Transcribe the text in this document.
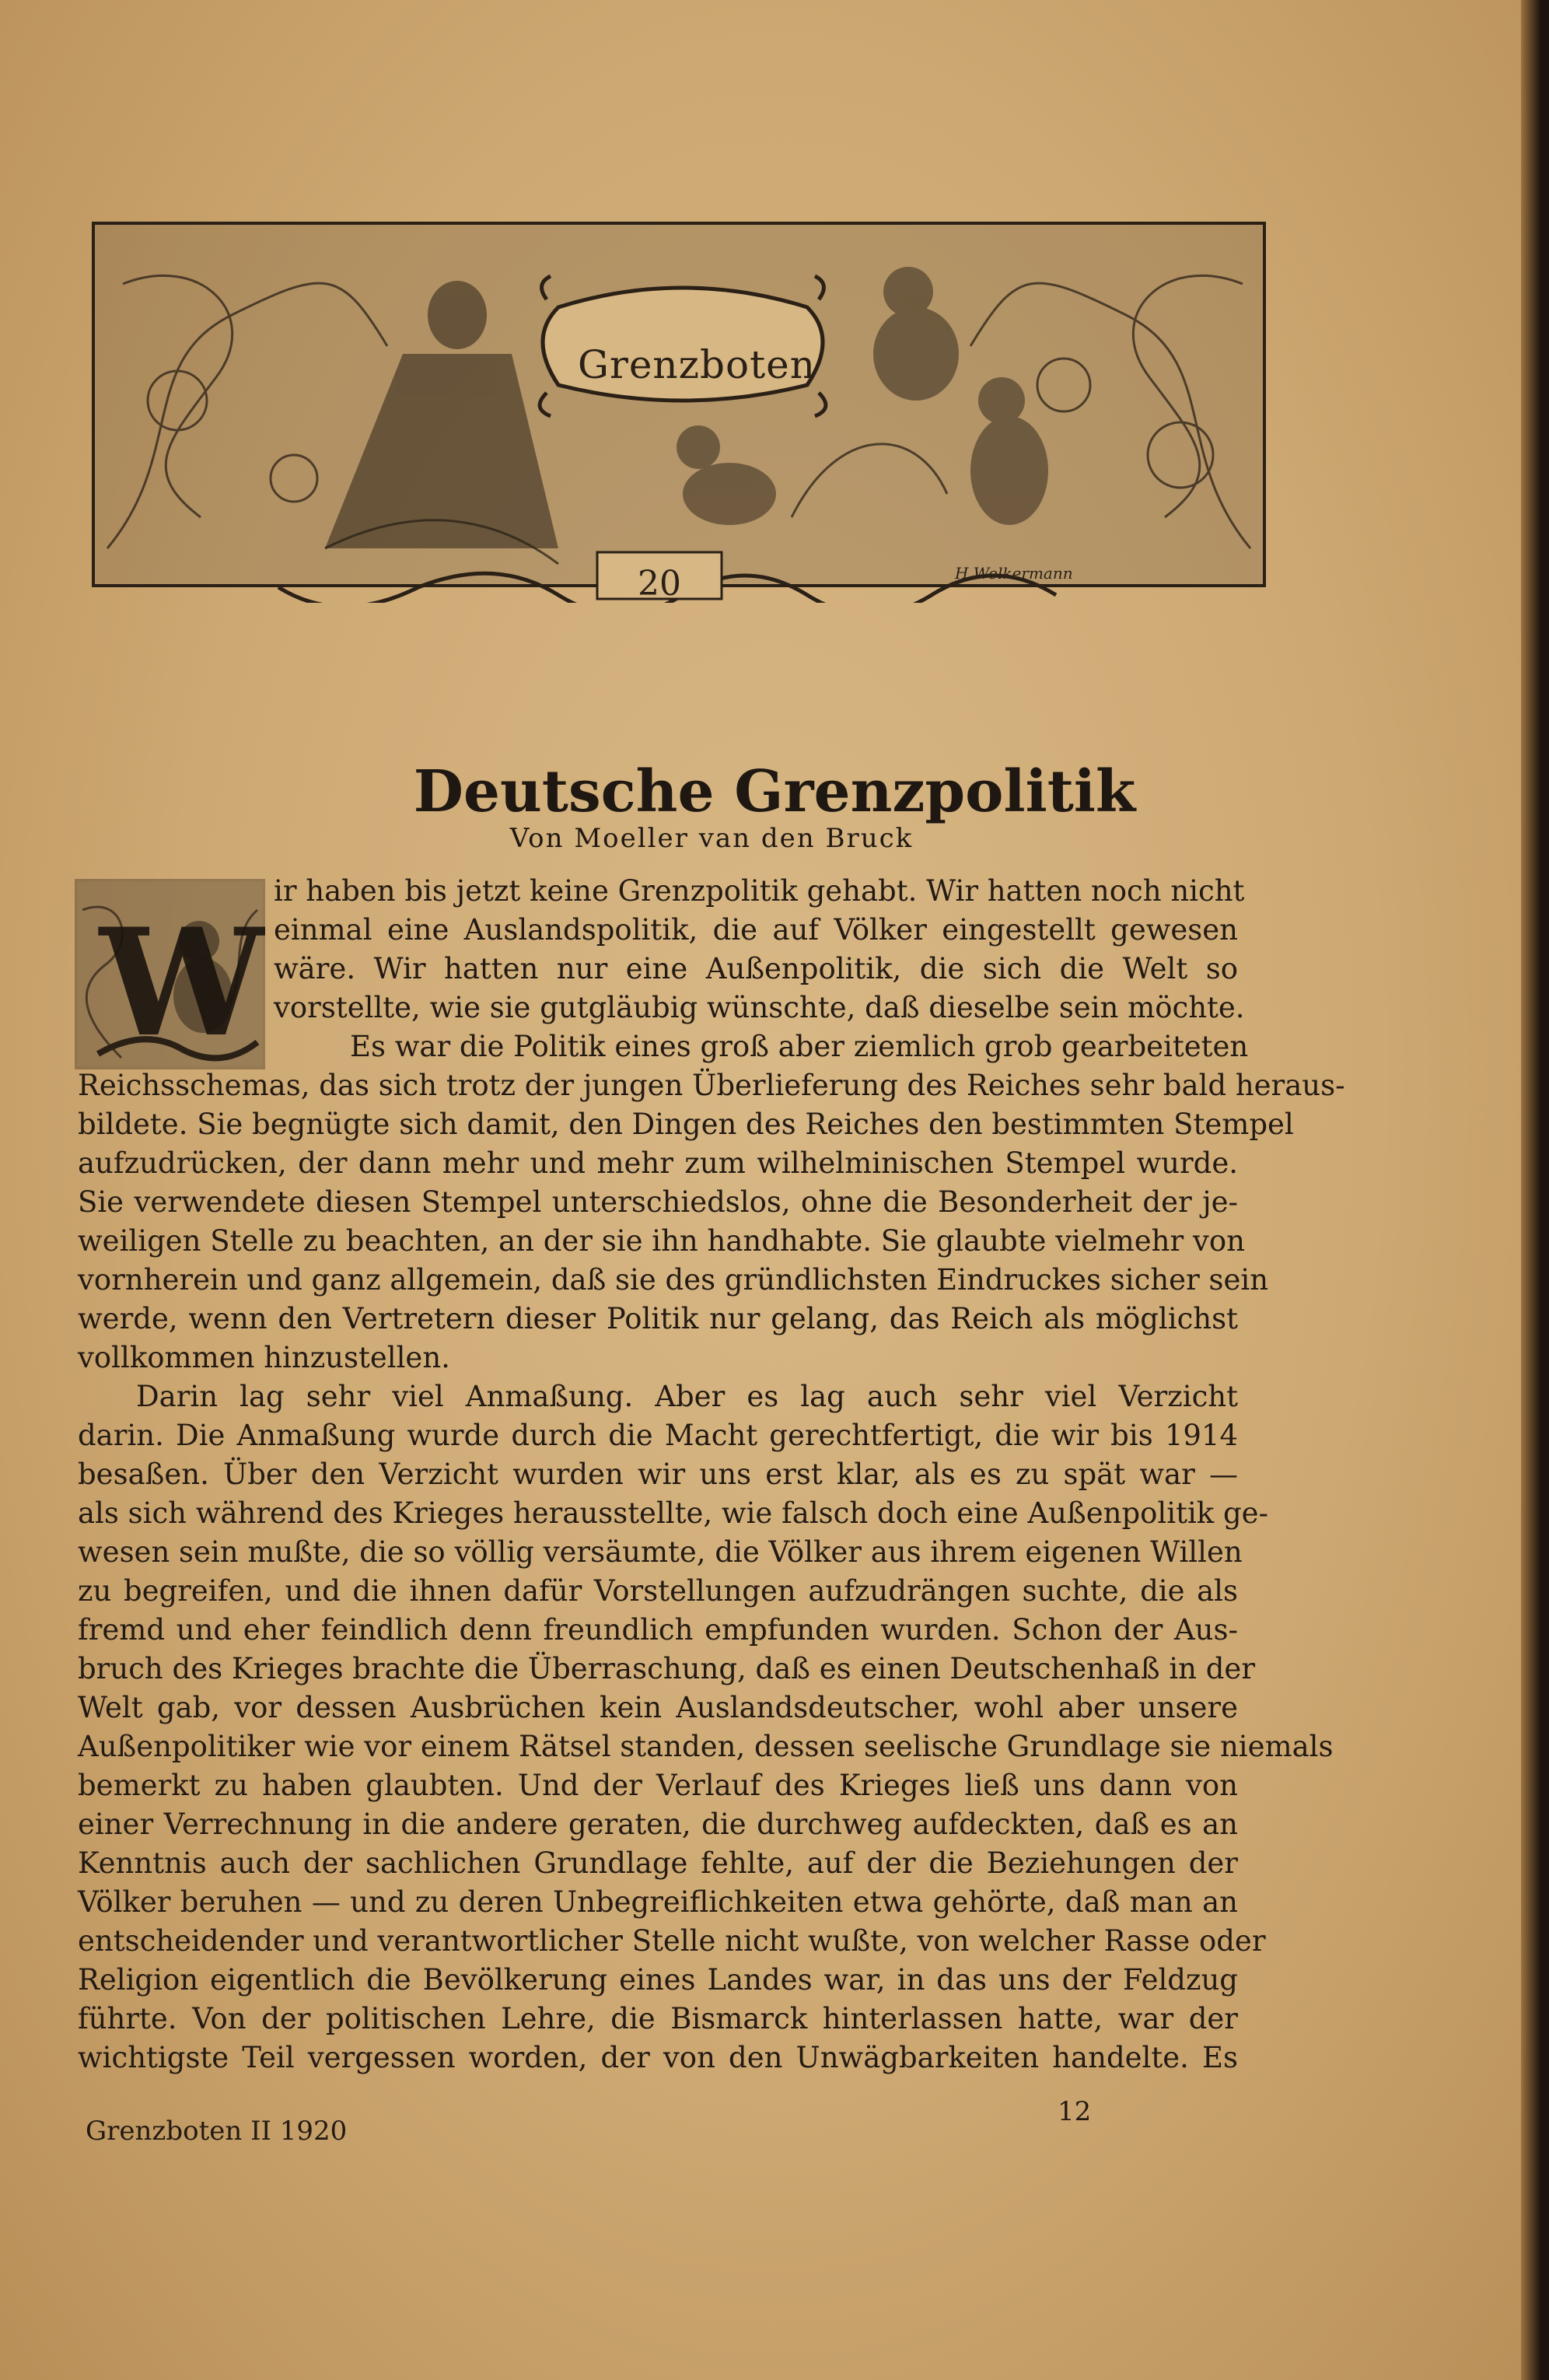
Grenzboten
20	H.Wolkermann
Deutsche Grenzpolitik
Von Moeller van den Bruck
W
ir haben bis jetzt keine Grenzpolitik gehabt. Wir hatten noch nicht
einmal eine Auslandspolitik, die auf Völker eingestellt gewesen
wäre. Wir hatten nur eine Außenpolitik, die sich die Welt so
vorstellte, wie sie gutgläubig wünschte, daß dieselbe sein möchte.
Es war die Politik eines groß aber ziemlich grob gearbeiteten
Reichsschemas, das sich trotz der jungen Überlieferung des Reiches sehr bald heraus-
bildete. Sie begnügte sich damit, den Dingen des Reiches den bestimmten Stempel
aufzudrücken, der dann mehr und mehr zum wilhelminischen Stempel wurde.
Sie verwendete diesen Stempel unterschiedslos, ohne die Besonderheit der je-
weiligen Stelle zu beachten, an der sie ihn handhabte. Sie glaubte vielmehr von
vornherein und ganz allgemein, daß sie des gründlichsten Eindruckes sicher sein
werde, wenn den Vertretern dieser Politik nur gelang, das Reich als möglichst
vollkommen hinzustellen.
Darin lag sehr viel Anmaßung. Aber es lag auch sehr viel Verzicht
darin. Die Anmaßung wurde durch die Macht gerechtfertigt, die wir bis 1914
besaßen. Über den Verzicht wurden wir uns erst klar, als es zu spät war —
als sich während des Krieges herausstellte, wie falsch doch eine Außenpolitik ge-
wesen sein mußte, die so völlig versäumte, die Völker aus ihrem eigenen Willen
zu begreifen, und die ihnen dafür Vorstellungen aufzudrängen suchte, die als
fremd und eher feindlich denn freundlich empfunden wurden. Schon der Aus-
bruch des Krieges brachte die Überraschung, daß es einen Deutschenhaß in der
Welt gab, vor dessen Ausbrüchen kein Auslandsdeutscher, wohl aber unsere
Außenpolitiker wie vor einem Rätsel standen, dessen seelische Grundlage sie niemals
bemerkt zu haben glaubten. Und der Verlauf des Krieges ließ uns dann von
einer Verrechnung in die andere geraten, die durchweg aufdeckten, daß es an
Kenntnis auch der sachlichen Grundlage fehlte, auf der die Beziehungen der
Völker beruhen — und zu deren Unbegreiflichkeiten etwa gehörte, daß man an
entscheidender und verantwortlicher Stelle nicht wußte, von welcher Rasse oder
Religion eigentlich die Bevölkerung eines Landes war, in das uns der Feldzug
führte. Von der politischen Lehre, die Bismarck hinterlassen hatte, war der
wichtigste Teil vergessen worden, der von den Unwägbarkeiten handelte. Es
Grenzboten II 1920
12
